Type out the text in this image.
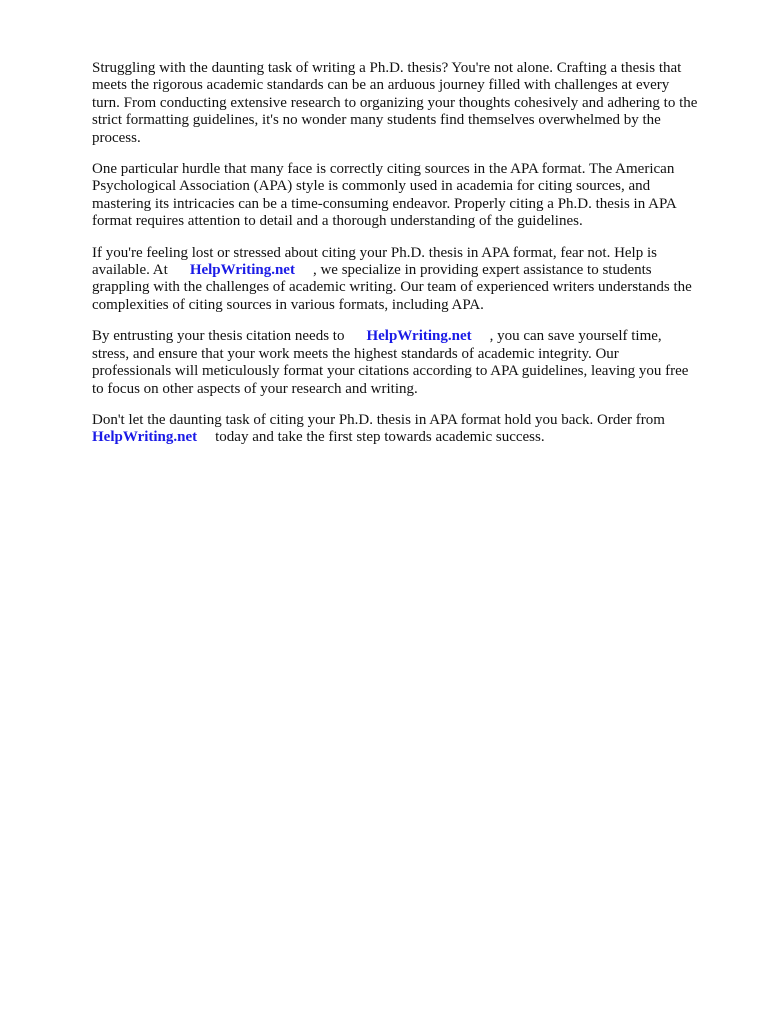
Struggling with the daunting task of writing a Ph.D. thesis? You're not alone. Crafting a thesis that
meets the rigorous academic standards can be an arduous journey filled with challenges at every
turn. From conducting extensive research to organizing your thoughts cohesively and adhering to the
strict formatting guidelines, it's no wonder many students find themselves overwhelmed by the
process.

One particular hurdle that many face is correctly citing sources in the APA format. The American
Psychological Association (APA) style is commonly used in academia for citing sources, and
mastering its intricacies can be a time-consuming endeavor. Properly citing a Ph.D. thesis in APA
format requires attention to detail and a thorough understanding of the guidelines.

If you're feeling lost or stressed about citing your Ph.D. thesis in APA format, fear not. Help is
available. At HelpWriting.net , we specialize in providing expert assistance to students
grappling with the challenges of academic writing. Our team of experienced writers understands the
complexities of citing sources in various formats, including APA.

By entrusting your thesis citation needs to HelpWriting.net , you can save yourself time,
stress, and ensure that your work meets the highest standards of academic integrity. Our
professionals will meticulously format your citations according to APA guidelines, leaving you free
to focus on other aspects of your research and writing.

Don't let the daunting task of citing your Ph.D. thesis in APA format hold you back. Order from
HelpWriting.net today and take the first step towards academic success.
